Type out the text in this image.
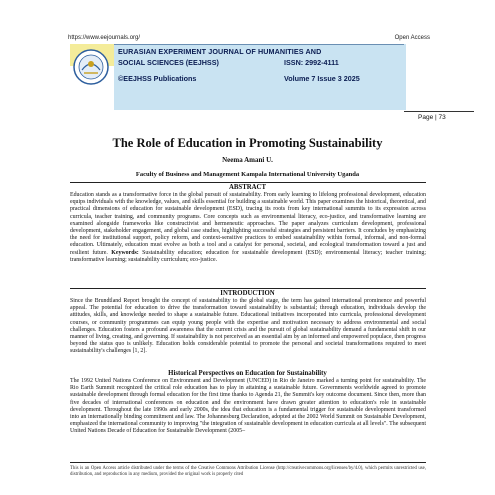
https://www.eejournals.org/	Open Access
EURASIAN EXPERIMENT JOURNAL OF HUMANITIES AND
SOCIAL SCIENCES (EEJHSS)	ISSN: 2992-4111
©EEJHSS Publications	Volume 7 Issue 3 2025
Page | 73
The Role of Education in Promoting Sustainability
Neema Amani U.
Faculty of Business and Management Kampala International University Uganda
ABSTRACT
Education stands as a transformative force in the global pursuit of sustainability. From early learning to lifelong professional development, education equips individuals with the knowledge, values, and skills essential for building a sustainable world. This paper examines the historical, theoretical, and practical dimensions of education for sustainable development (ESD), tracing its roots from key international summits to its expression across curricula, teacher training, and community programs. Core concepts such as environmental literacy, eco-justice, and transformative learning are examined alongside frameworks like constructivist and hermeneutic approaches. The paper analyzes curriculum development, professional development, stakeholder engagement, and global case studies, highlighting successful strategies and persistent barriers. It concludes by emphasizing the need for institutional support, policy reform, and context-sensitive practices to embed sustainability within formal, informal, and non-formal education. Ultimately, education must evolve as both a tool and a catalyst for personal, societal, and ecological transformation toward a just and resilient future. Keywords: Sustainability education; education for sustainable development (ESD); environmental literacy; teacher training; transformative learning; sustainability curriculum; eco-justice.
INTRODUCTION
Since the Brundtland Report brought the concept of sustainability to the global stage, the term has gained international prominence and powerful appeal. The potential for education to drive the transformation toward sustainability is substantial; through education, individuals develop the attitudes, skills, and knowledge needed to shape a sustainable future. Educational initiatives incorporated into curricula, professional development courses, or community programmes can equip young people with the expertise and motivation necessary to address environmental and social challenges. Education fosters a profound awareness that the current crisis and the pursuit of global sustainability demand a fundamental shift in our manner of living, creating, and governing. If sustainability is not perceived as an essential aim by an informed and empowered populace, then progress beyond the status quo is unlikely. Education holds considerable potential to promote the personal and societal transformations required to meet sustainability's challenges [1, 2].
Historical Perspectives on Education for Sustainability
The 1992 United Nations Conference on Environment and Development (UNCED) in Rio de Janeiro marked a turning point for sustainability. The Rio Earth Summit recognized the critical role education has to play in attaining a sustainable future. Governments worldwide agreed to promote sustainable development through formal education for the first time thanks to Agenda 21, the Summit's key outcome document. Since then, more than five decades of international conferences on education and the environment have drawn greater attention to education's role in sustainable development. Throughout the late 1990s and early 2000s, the idea that education is a fundamental trigger for sustainable development transformed into an internationally binding commitment and law. The Johannesburg Declaration, adopted at the 2002 World Summit on Sustainable Development, emphasized the international community to improving "the integration of sustainable development in education curricula at all levels". The subsequent United Nations Decade of Education for Sustainable Development (2005–
This is an Open Access article distributed under the terms of the Creative Commons Attribution License (http://creativecommons.org/licenses/by/4.0), which permits unrestricted use, distribution, and reproduction in any medium, provided the original work is properly cited
